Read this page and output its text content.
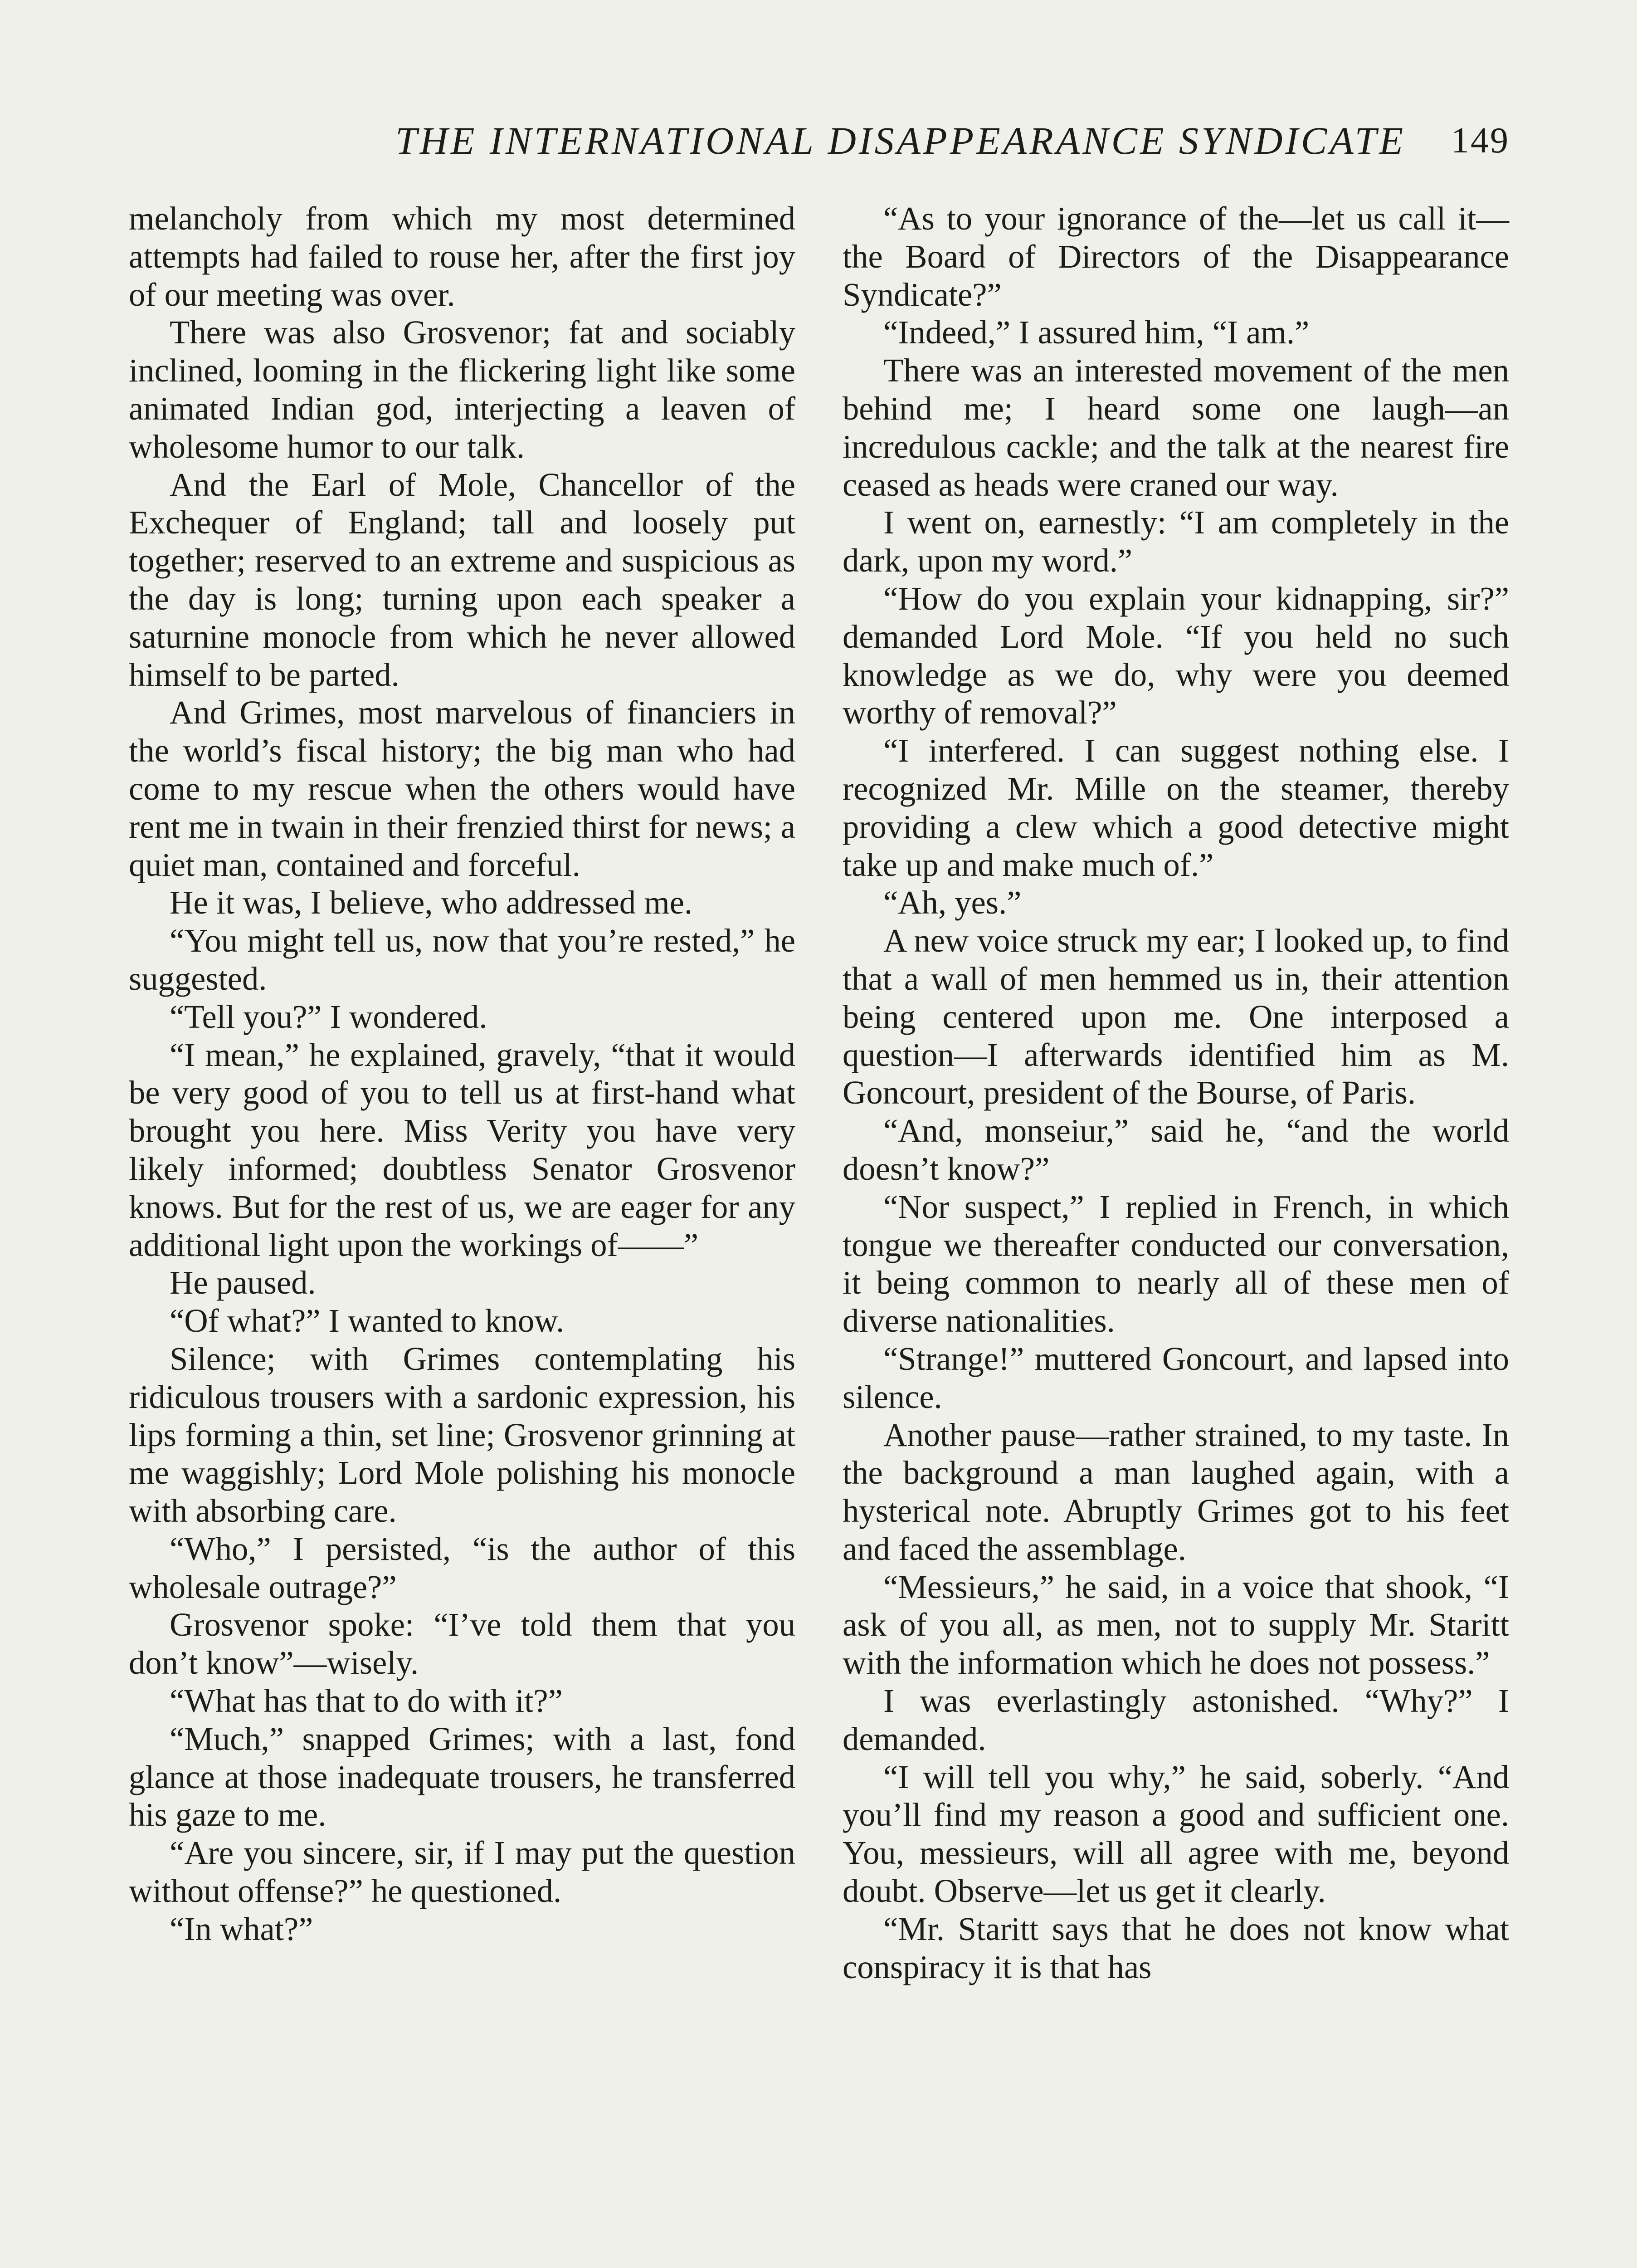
THE INTERNATIONAL DISAPPEARANCE SYNDICATE 149

melancholy from which my most determined attempts had failed to rouse her, after the first joy of our meeting was over.

There was also Grosvenor; fat and sociably inclined, looming in the flickering light like some animated Indian god, interjecting a leaven of wholesome humor to our talk.

And the Earl of Mole, Chancellor of the Exchequer of England; tall and loosely put together; reserved to an extreme and suspicious as the day is long; turning upon each speaker a saturnine monocle from which he never allowed himself to be parted.

And Grimes, most marvelous of financiers in the world’s fiscal history; the big man who had come to my rescue when the others would have rent me in twain in their frenzied thirst for news; a quiet man, contained and forceful.

He it was, I believe, who addressed me.

“You might tell us, now that you’re rested,” he suggested.

“Tell you?” I wondered.

“I mean,” he explained, gravely, “that it would be very good of you to tell us at first-hand what brought you here. Miss Verity you have very likely informed; doubtless Senator Grosvenor knows. But for the rest of us, we are eager for any additional light upon the workings of——”

He paused.

“Of what?” I wanted to know.

Silence; with Grimes contemplating his ridiculous trousers with a sardonic expression, his lips forming a thin, set line; Grosvenor grinning at me waggishly; Lord Mole polishing his monocle with absorbing care.

“Who,” I persisted, “is the author of this wholesale outrage?”

Grosvenor spoke: “I’ve told them that you don’t know”—wisely.

“What has that to do with it?”

“Much,” snapped Grimes; with a last, fond glance at those inadequate trousers, he transferred his gaze to me.

“Are you sincere, sir, if I may put the question without offense?” he questioned.

“In what?”

“As to your ignorance of the—let us call it—the Board of Directors of the Disappearance Syndicate?”

“Indeed,” I assured him, “I am.”

There was an interested movement of the men behind me; I heard some one laugh—an incredulous cackle; and the talk at the nearest fire ceased as heads were craned our way.

I went on, earnestly: “I am completely in the dark, upon my word.”

“How do you explain your kidnapping, sir?” demanded Lord Mole. “If you held no such knowledge as we do, why were you deemed worthy of removal?”

“I interfered. I can suggest nothing else. I recognized Mr. Mille on the steamer, thereby providing a clew which a good detective might take up and make much of.”

“Ah, yes.”

A new voice struck my ear; I looked up, to find that a wall of men hemmed us in, their attention being centered upon me. One interposed a question—I afterwards identified him as M. Goncourt, president of the Bourse, of Paris.

“And, monseiur,” said he, “and the world doesn’t know?”

“Nor suspect,” I replied in French, in which tongue we thereafter conducted our conversation, it being common to nearly all of these men of diverse nationalities.

“Strange!” muttered Goncourt, and lapsed into silence.

Another pause—rather strained, to my taste. In the background a man laughed again, with a hysterical note. Abruptly Grimes got to his feet and faced the assemblage.

“Messieurs,” he said, in a voice that shook, “I ask of you all, as men, not to supply Mr. Staritt with the information which he does not possess.”

I was everlastingly astonished. “Why?” I demanded.

“I will tell you why,” he said, soberly. “And you’ll find my reason a good and sufficient one. You, messieurs, will all agree with me, beyond doubt. Observe—let us get it clearly.

“Mr. Staritt says that he does not know what conspiracy it is that has
